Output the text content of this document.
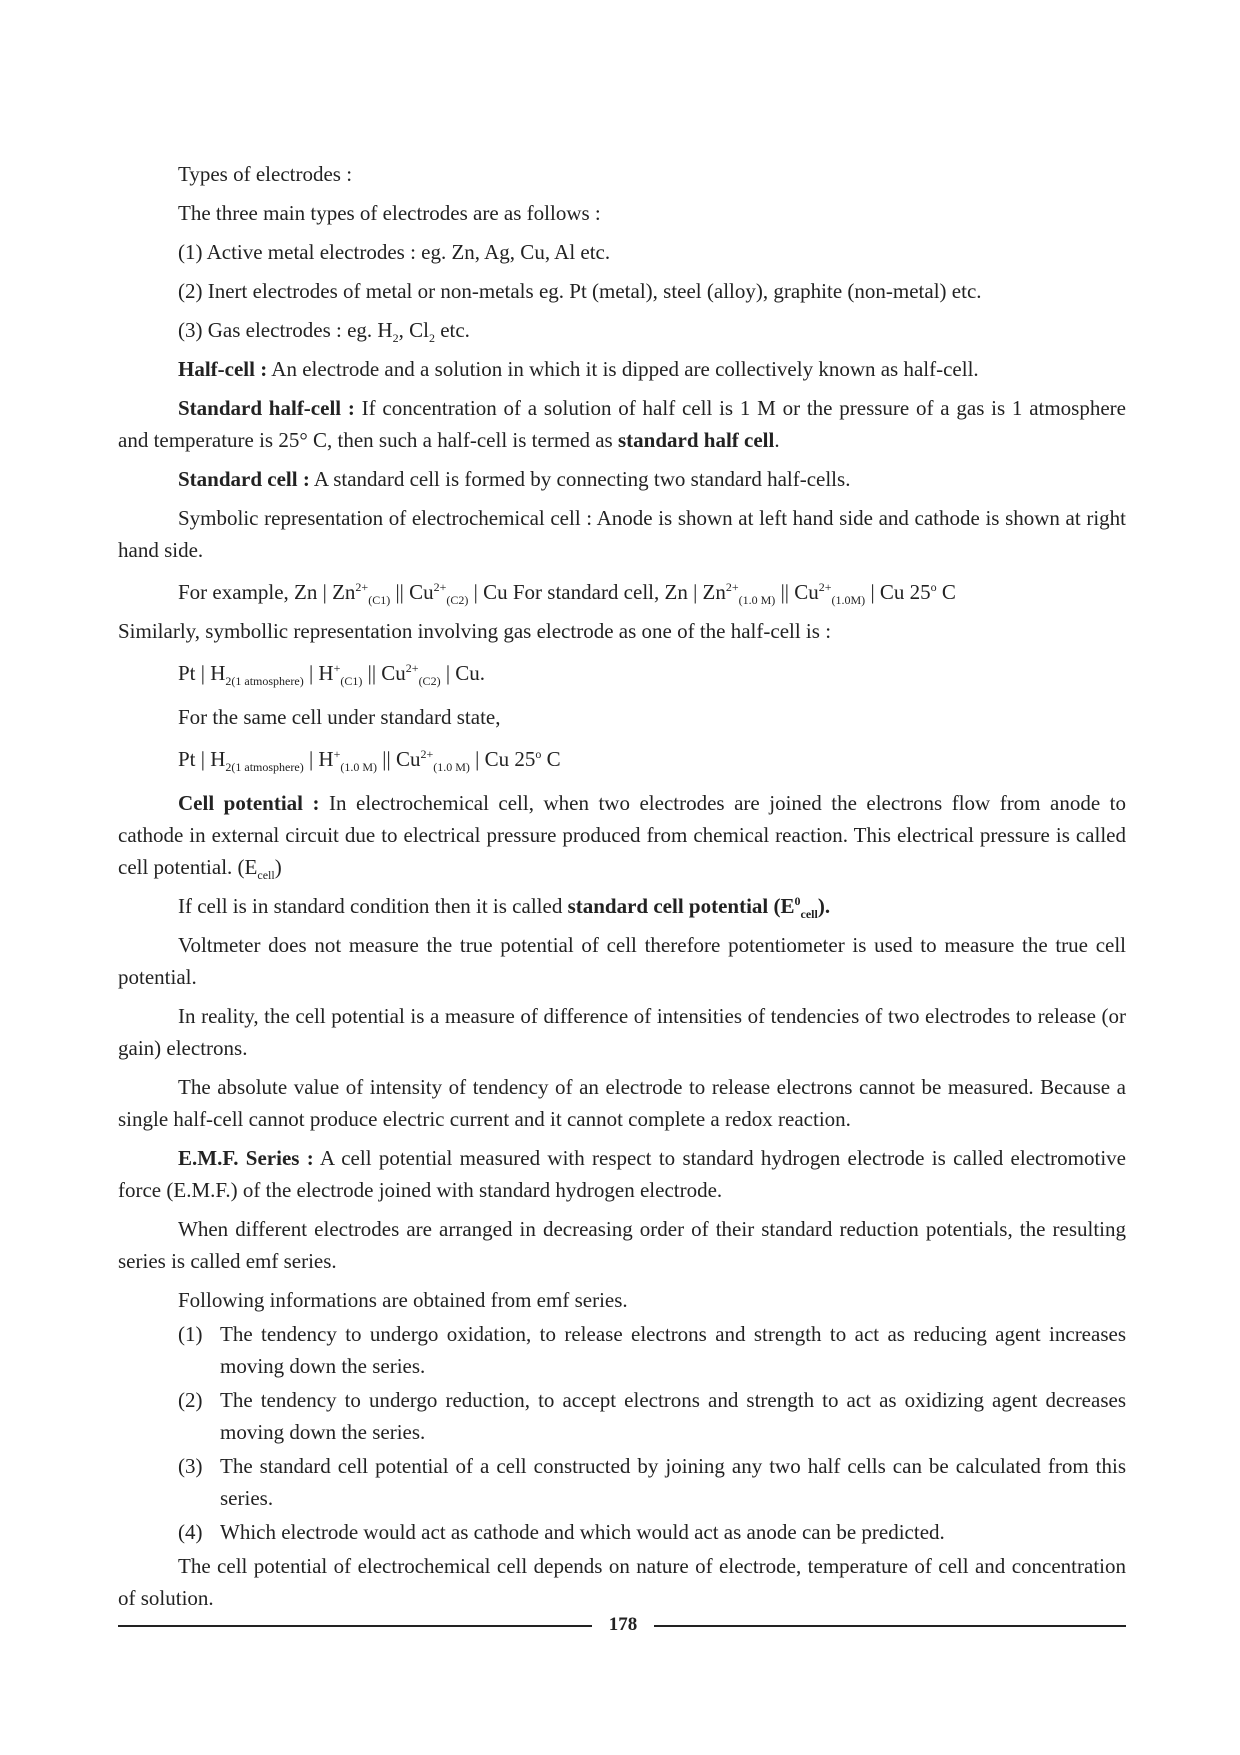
Types of electrodes :

The three main types of electrodes are as follows :

(1) Active metal electrodes : eg. Zn, Ag, Cu, Al etc.

(2) Inert electrodes of metal or non-metals eg. Pt (metal), steel (alloy), graphite (non-metal) etc.

(3) Gas electrodes : eg. $H_2$, $Cl_2$ etc.

Half-cell : An electrode and a solution in which it is dipped are collectively known as half-cell.

Standard half-cell : If concentration of a solution of half cell is 1 M or the pressure of a gas is 1 atmosphere and temperature is 25° C, then such a half-cell is termed as standard half cell.

Standard cell : A standard cell is formed by connecting two standard half-cells.

Symbolic representation of electrochemical cell : Anode is shown at left hand side and cathode is shown at right hand side.

For example, Zn | $Zn^{2+}_{(C1)}$ || $Cu^{2+}_{(C2)}$ | Cu For standard cell, Zn | $Zn^{2+}_{(1.0 M)}$ || $Cu^{2+}_{(1.0M)}$ | Cu 25$^o$ C

Similarly, symbollic representation involving gas electrode as one of the half-cell is :

Pt | $H_{2(1 atmosphere)}$ | $H^+_{(C1)}$ || $Cu^{2+}_{(C2)}$ | Cu.

For the same cell under standard state,

Pt | $H_{2(1 atmosphere)}$ | $H^+_{(1.0 M)}$ || $Cu^{2+}_{(1.0 M)}$ | Cu 25$^o$ C

Cell potential : In electrochemical cell, when two electrodes are joined the electrons flow from anode to cathode in external circuit due to electrical pressure produced from chemical reaction. This electrical pressure is called cell potential. $(E_{cell})$

If cell is in standard condition then it is called standard cell potential $(E^0_{cell})$.

Voltmeter does not measure the true potential of cell therefore potentiometer is used to measure the true cell potential.

In reality, the cell potential is a measure of difference of intensities of tendencies of two electrodes to release (or gain) electrons.

The absolute value of intensity of tendency of an electrode to release electrons cannot be measured. Because a single half-cell cannot produce electric current and it cannot complete a redox reaction.

E.M.F. Series : A cell potential measured with respect to standard hydrogen electrode is called electromotive force (E.M.F.) of the electrode joined with standard hydrogen electrode.

When different electrodes are arranged in decreasing order of their standard reduction potentials, the resulting series is called emf series.

Following informations are obtained from emf series.

(1) The tendency to undergo oxidation, to release electrons and strength to act as reducing agent increases moving down the series.
(2) The tendency to undergo reduction, to accept electrons and strength to act as oxidizing agent decreases moving down the series.
(3) The standard cell potential of a cell constructed by joining any two half cells can be calculated from this series.
(4) Which electrode would act as cathode and which would act as anode can be predicted.

The cell potential of electrochemical cell depends on nature of electrode, temperature of cell and concentration of solution.

178
